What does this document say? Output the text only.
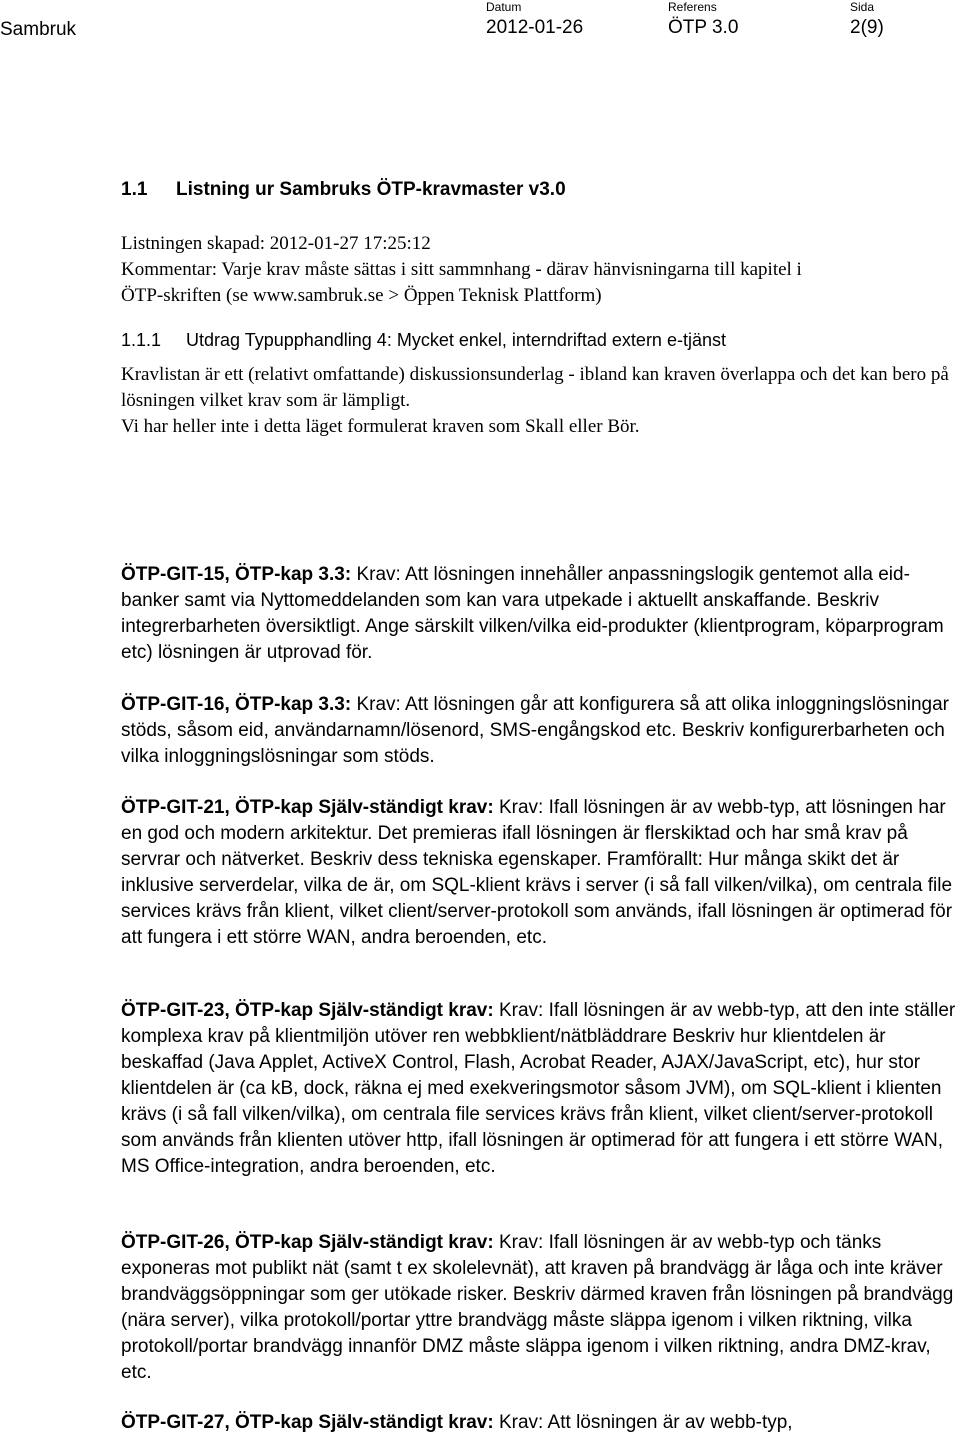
Sambruk
Datum
2012-01-26
Referens
ÖTP 3.0
Sida
2(9)
1.1 Listning ur Sambruks ÖTP-kravmaster v3.0
Listningen skapad: 2012-01-27 17:25:12
Kommentar: Varje krav måste sättas i sitt sammnhang - därav hänvisningarna till kapitel i
ÖTP-skriften (se www.sambruk.se > Öppen Teknisk Plattform)
1.1.1 Utdrag Typupphandling 4: Mycket enkel, interndriftad extern e-tjänst

Kravlistan är ett (relativt omfattande) diskussionsunderlag - ibland kan kraven överlappa och det kan bero på lösningen vilket krav som är lämpligt.

Vi har heller inte i detta läget formulerat kraven som Skall eller Bör.

ÖTP-GIT-15, ÖTP-kap 3.3: Krav: Att lösningen innehåller anpassningslogik gentemot alla eid-banker samt via Nyttomeddelanden som kan vara utpekade i aktuellt anskaffande. Beskriv integrerbarheten översiktligt. Ange särskilt vilken/vilka eid-produkter (klientprogram, köparprogram etc) lösningen är utprovad för.

ÖTP-GIT-16, ÖTP-kap 3.3: Krav: Att lösningen går att konfigurera så att olika inloggningslösningar stöds, såsom eid, användarnamn/lösenord, SMS-engångskod etc. Beskriv konfigurerbarheten och vilka inloggningslösningar som stöds.

ÖTP-GIT-21, ÖTP-kap Själv-ständigt krav: Krav: Ifall lösningen är av webb-typ, att lösningen har en god och modern arkitektur. Det premieras ifall lösningen är flerskiktad och har små krav på servrar och nätverket. Beskriv dess tekniska egenskaper. Framförallt: Hur många skikt det är inklusive serverdelar, vilka de är, om SQL-klient krävs i server (i så fall vilken/vilka), om centrala file services krävs från klient, vilket client/server-protokoll som används, ifall lösningen är optimerad för att fungera i ett större WAN, andra beroenden, etc.

ÖTP-GIT-23, ÖTP-kap Själv-ständigt krav: Krav: Ifall lösningen är av webb-typ, att den inte ställer komplexa krav på klientmiljön utöver ren webbklient/nätbläddrare Beskriv hur klientdelen är beskaffad (Java Applet, ActiveX Control, Flash, Acrobat Reader, AJAX/JavaScript, etc), hur stor klientdelen är (ca kB, dock, räkna ej med exekveringsmotor såsom JVM), om SQL-klient i klienten krävs (i så fall vilken/vilka), om centrala file services krävs från klient, vilket client/server-protokoll som används från klienten utöver http, ifall lösningen är optimerad för att fungera i ett större WAN, MS Office-integration, andra beroenden, etc.

ÖTP-GIT-26, ÖTP-kap Själv-ständigt krav: Krav: Ifall lösningen är av webb-typ och tänks exponeras mot publikt nät (samt t ex skolelevnät), att kraven på brandvägg är låga och inte kräver brandväggsöppningar som ger utökade risker. Beskriv därmed kraven från lösningen på brandvägg (nära server), vilka protokoll/portar yttre brandvägg måste släppa igenom i vilken riktning, vilka protokoll/portar brandvägg innanför DMZ måste släppa igenom i vilken riktning, andra DMZ-krav, etc.

ÖTP-GIT-27, ÖTP-kap Själv-ständigt krav: Krav: Att lösningen är av webb-typ,
